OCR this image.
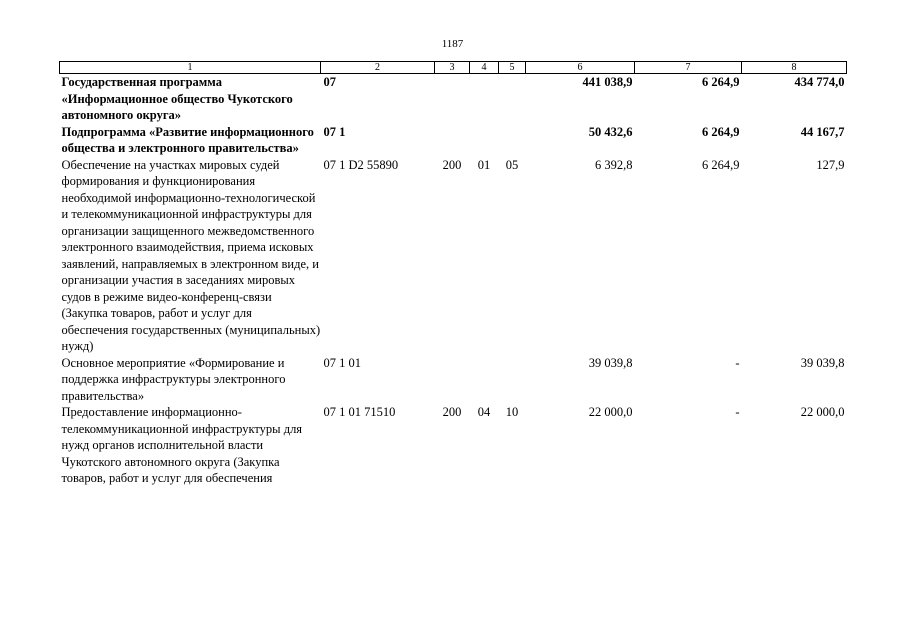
1187
1	2	3	4	5	6	7	8
Государственная программа «Информационное общество Чукотского автономного округа»	07				441 038,9	6 264,9	434 774,0
Подпрограмма «Развитие информационного общества и электронного правительства»	07 1				50 432,6	6 264,9	44 167,7
Обеспечение на участках мировых судей формирования и функционирования необходимой информационно-технологической и телекоммуникационной инфраструктуры для организации защищенного межведомственного электронного взаимодействия, приема исковых заявлений, направляемых в электронном виде, и организации участия в заседаниях мировых судов в режиме видео-конференц-связи (Закупка товаров, работ и услуг для обеспечения государственных (муниципальных) нужд)	07 1 D2 55890	200	01	05	6 392,8	6 264,9	127,9
Основное мероприятие «Формирование и поддержка инфраструктуры электронного правительства»	07 1 01				39 039,8	-	39 039,8
Предоставление информационно-телекоммуникационной инфраструктуры для нужд органов исполнительной власти Чукотского автономного округа (Закупка товаров, работ и услуг для обеспечения	07 1 01 71510	200	04	10	22 000,0	-	22 000,0
